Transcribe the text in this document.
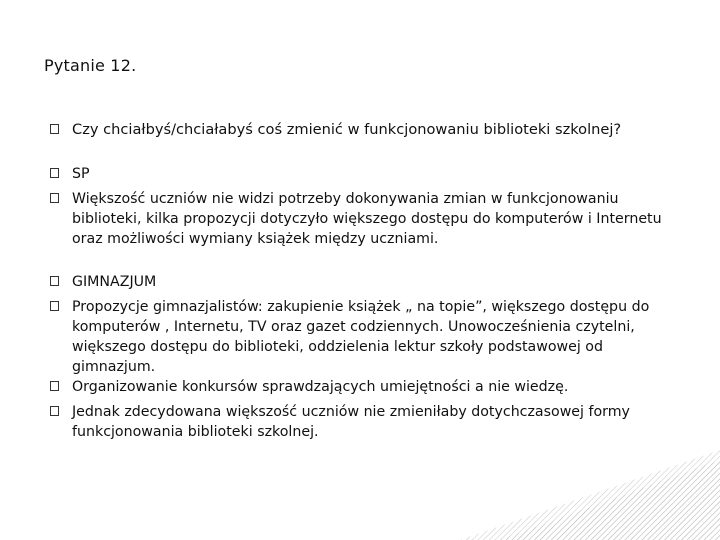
Pytanie 12.
Czy chciałbyś/chciałabyś coś zmienić w funkcjonowaniu biblioteki szkolnej?
SP
Większość uczniów nie widzi potrzeby dokonywania zmian w funkcjonowaniu biblioteki, kilka propozycji dotyczyło większego dostępu do komputerów i Internetu oraz możliwości wymiany książek między uczniami.
GIMNAZJUM
Propozycje gimnazjalistów: zakupienie książek „ na topie”, większego dostępu do komputerów , Internetu, TV oraz gazet codziennych. Unowocześnienia czytelni, większego dostępu do biblioteki, oddzielenia lektur szkoły podstawowej od gimnazjum.
Organizowanie konkursów sprawdzających umiejętności a nie wiedzę.
Jednak zdecydowana większość uczniów nie zmieniłaby dotychczasowej formy funkcjonowania biblioteki szkolnej.
